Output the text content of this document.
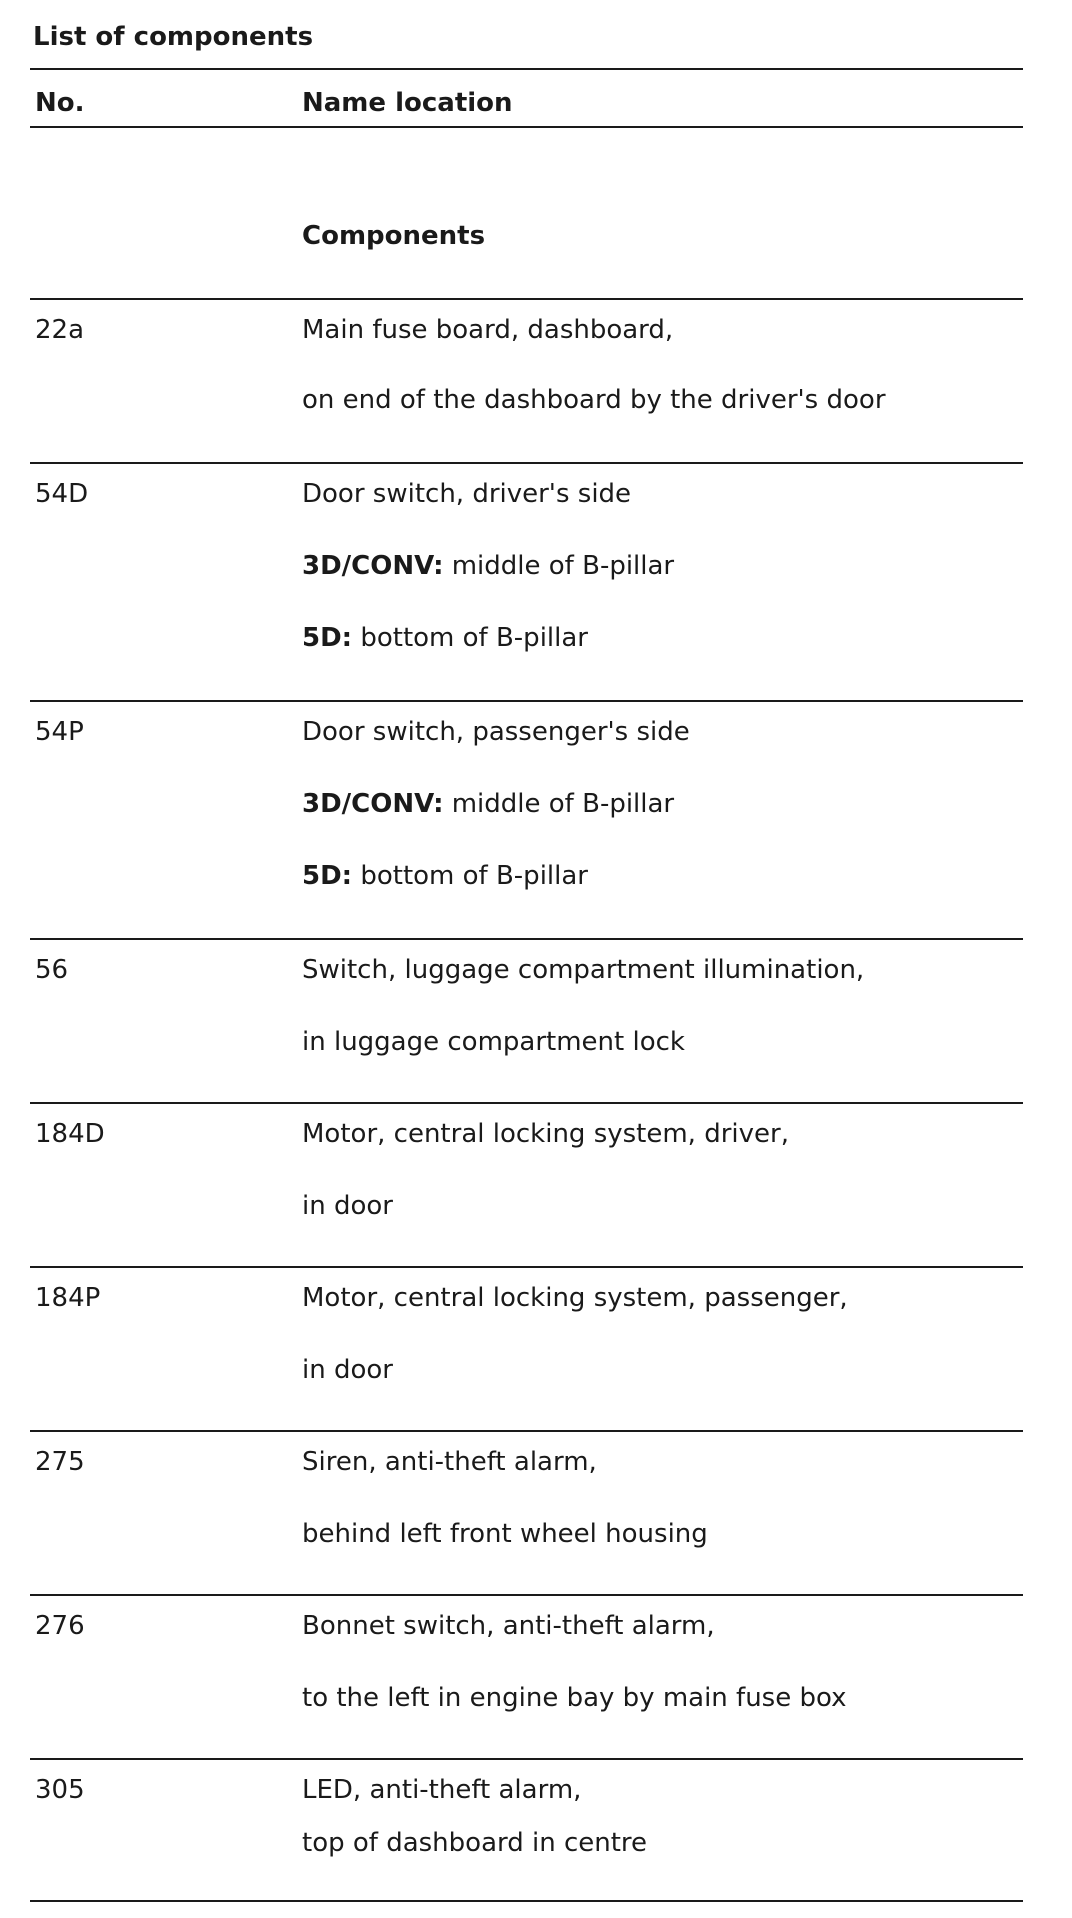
List of components
No.	Name location
Components
22a	Main fuse board, dashboard,
on end of the dashboard by the driver's door
54D	Door switch, driver's side
3D/CONV: middle of B-pillar
5D: bottom of B-pillar
54P	Door switch, passenger's side
3D/CONV: middle of B-pillar
5D: bottom of B-pillar
56	Switch, luggage compartment illumination,
in luggage compartment lock
184D	Motor, central locking system, driver,
in door
184P	Motor, central locking system, passenger,
in door
275	Siren, anti-theft alarm,
behind left front wheel housing
276	Bonnet switch, anti-theft alarm,
to the left in engine bay by main fuse box
305	LED, anti-theft alarm,
top of dashboard in centre
